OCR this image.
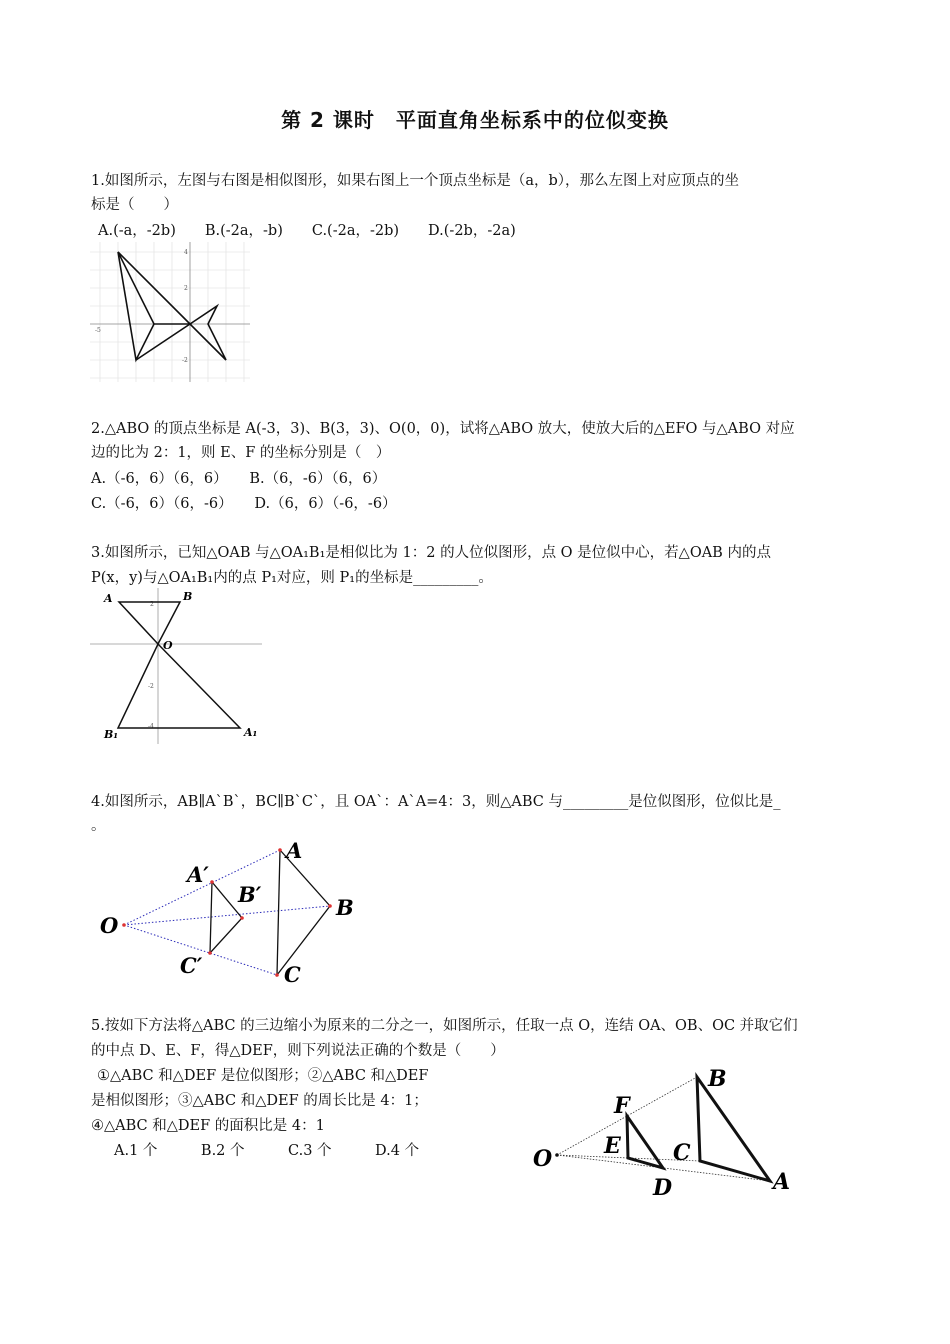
第 2 课时　平面直角坐标系中的位似变换
1.如图所示，左图与右图是相似图形，如果右图上一个顶点坐标是（a，b），那么左图上对应顶点的坐
标是（　　）
A.(-a，-2b)　　B.(-2a，-b)　　C.(-2a，-2b)　　D.(-2b，-2a)
4
2
-5
-2
2.△ABO 的顶点坐标是 A(-3，3)、B(3，3)、O(0，0)，试将△ABO 放大，使放大后的△EFO 与△ABO 对应
边的比为 2：1，则 E、F 的坐标分别是（　）
A.（-6，6）（6，6）　　B.（6，-6）（6，6）
C.（-6，6）（6，-6）　　D.（6，6）（-6，-6）
3.如图所示，已知△OAB 与△OA₁B₁是相似比为 1：2 的人位似图形，点 O 是位似中心，若△OAB 内的点
P(x，y)与△OA₁B₁内的点 P₁对应，则 P₁的坐标是_________。
2
-2
-4
A	B
O
B₁	A₁
4.如图所示，AB∥A`B`，BC∥B`C`，且 OA`：A`A=4：3，则△ABC 与_________是位似图形，位似比是_
。
A
A′
B′
B
O
C′	C
5.按如下方法将△ABC 的三边缩小为原来的二分之一，如图所示，任取一点 O，连结 OA、OB、OC 并取它们
的中点 D、E、F，得△DEF，则下列说法正确的个数是（　　）
①△ABC 和△DEF 是位似图形；②△ABC 和△DEF
是相似图形；③△ABC 和△DEF 的周长比是 4：1；
④△ABC 和△DEF 的面积比是 4：1
A.1 个　　　B.2 个　　　C.3 个　　　D.4 个
B
F
E C
O
D	A
